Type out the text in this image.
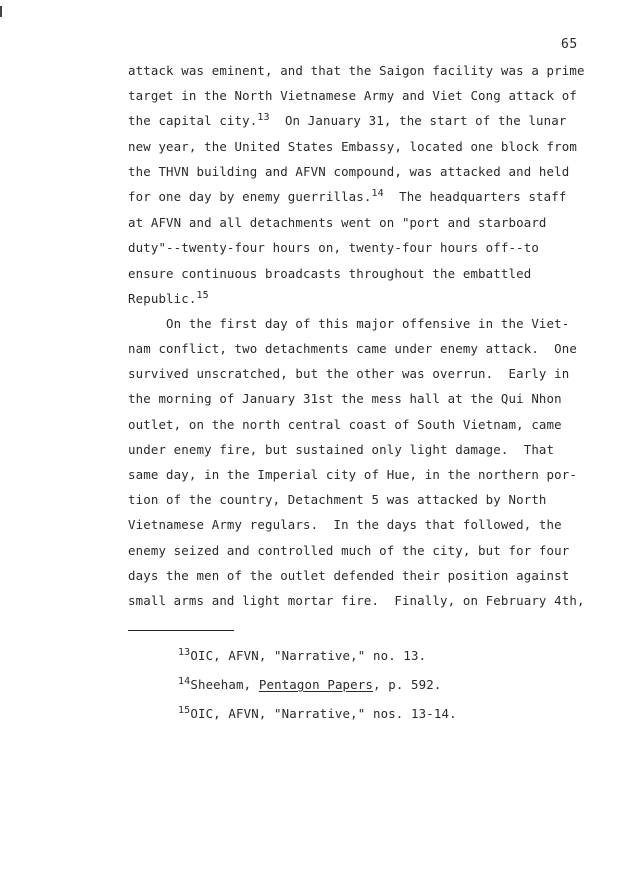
65
attack was eminent, and that the Saigon facility was a prime
target in the North Vietnamese Army and Viet Cong attack of
the capital city.$^{13}$  On January 31, the start of the lunar
new year, the United States Embassy, located one block from
the THVN building and AFVN compound, was attacked and held
for one day by enemy guerrillas.$^{14}$  The headquarters staff
at AFVN and all detachments went on "port and starboard
duty"--twenty-four hours on, twenty-four hours off--to
ensure continuous broadcasts throughout the embattled
Republic.$^{15}$
On the first day of this major offensive in the Viet-
nam conflict, two detachments came under enemy attack.  One
survived unscratched, but the other was overrun.  Early in
the morning of January 31st the mess hall at the Qui Nhon
outlet, on the north central coast of South Vietnam, came
under enemy fire, but sustained only light damage.  That
same day, in the Imperial city of Hue, in the northern por-
tion of the country, Detachment 5 was attacked by North
Vietnamese Army regulars.  In the days that followed, the
enemy seized and controlled much of the city, but for four
days the men of the outlet defended their position against
small arms and light mortar fire.  Finally, on February 4th,
$^{13}$OIC, AFVN, "Narrative," no. 13.
$^{14}$Sheeham, Pentagon Papers, p. 592.
$^{15}$OIC, AFVN, "Narrative," nos. 13-14.
